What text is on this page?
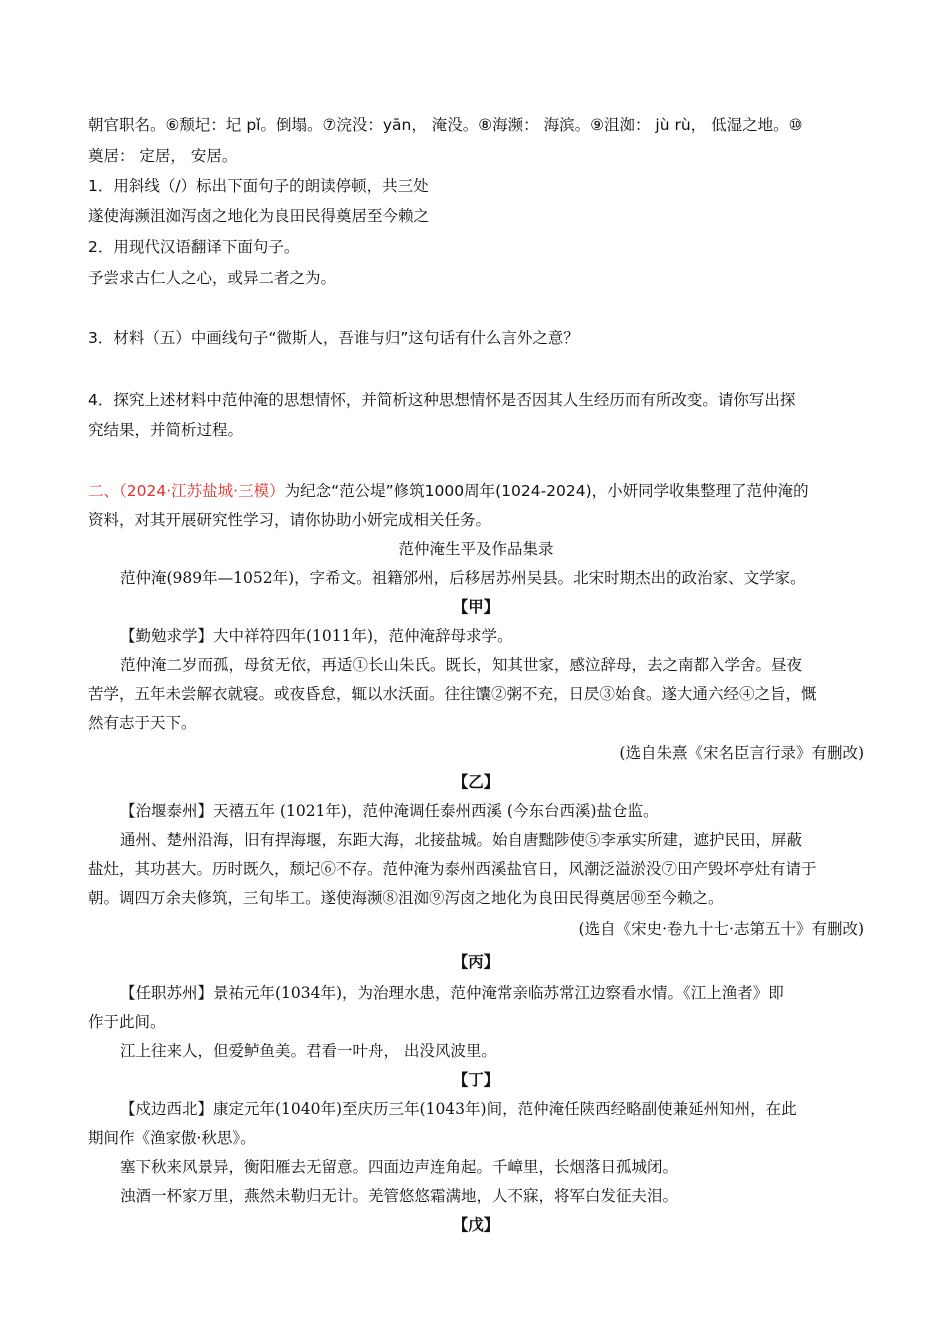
朝官职名。⑥颓圮：圮 pǐ。倒塌。⑦浣没：yān， 淹没。⑧海濒： 海滨。⑨沮洳： jù rù， 低湿之地。⑩
奠居： 定居， 安居。
1．用斜线（/）标出下面句子的朗读停顿，共三处
遂使海濒沮洳泻卤之地化为良田民得奠居至今赖之
2．用现代汉语翻译下面句子。
予尝求古仁人之心，或异二者之为。
3．材料（五）中画线句子“微斯人，吾谁与归”这句话有什么言外之意？
4．探究上述材料中范仲淹的思想情怀，并简析这种思想情怀是否因其人生经历而有所改变。请你写出探
究结果，并简析过程。
二、（2024·江苏盐城·三模）为纪念“范公堤”修筑1000周年(1024-2024)，小妍同学收集整理了范仲淹的
资料，对其开展研究性学习，请你协助小妍完成相关任务。
范仲淹生平及作品集录
范仲淹(989年—1052年)，字希文。祖籍邠州，后移居苏州吴县。北宋时期杰出的政治家、文学家。
【甲】
【勤勉求学】大中祥符四年(1011年)，范仲淹辞母求学。
范仲淹二岁而孤，母贫无依，再适①长山朱氏。既长，知其世家，感泣辞母，去之南都入学舍。昼夜
苦学，五年未尝解衣就寝。或夜昏怠，辄以水沃面。往往馕②粥不充，日昃③始食。遂大通六经④之旨，慨
然有志于天下。
(选自朱熹《宋名臣言行录》有删改)
【乙】
【治堰泰州】天禧五年 (1021年)，范仲淹调任泰州西溪 (今东台西溪)盐仓监。
通州、楚州沿海，旧有捍海堰，东距大海，北接盐城。始自唐黜陟使⑤李承实所建，遮护民田，屏蔽
盐灶，其功甚大。历时既久，颓圮⑥不存。范仲淹为泰州西溪盐官日，风潮泛溢淤没⑦田产毁坏亭灶有请于
朝。调四万余夫修筑，三旬毕工。遂使海濒⑧沮洳⑨泻卤之地化为良田民得奠居⑩至今赖之。
(选自《宋史·卷九十七·志第五十》有删改)
【丙】
【任职苏州】景祐元年(1034年)，为治理水患，范仲淹常亲临苏常江边察看水情。《江上渔者》即
作于此间。
江上往来人，但爱鲈鱼美。君看一叶舟， 出没风波里。
【丁】
【戍边西北】康定元年(1040年)至庆历三年(1043年)间，范仲淹任陕西经略副使兼延州知州，在此
期间作《渔家傲·秋思》。
塞下秋来风景异，衡阳雁去无留意。四面边声连角起。千嶂里，长烟落日孤城闭。
浊酒一杯家万里，燕然未勒归无计。羌管悠悠霜满地，人不寐，将军白发征夫泪。
【戊】
